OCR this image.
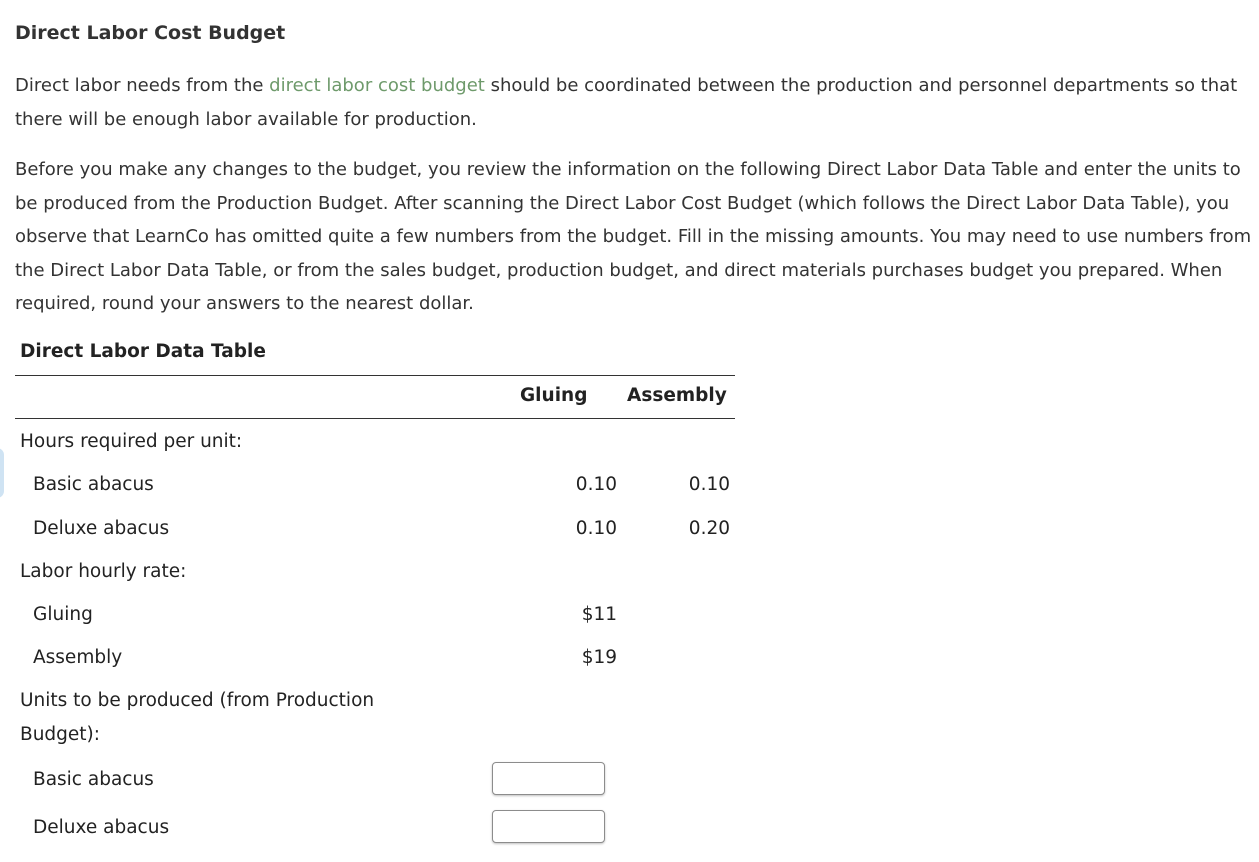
Direct Labor Cost Budget

Direct labor needs from the direct labor cost budget should be coordinated between the production and personnel departments so that there will be enough labor available for production.

Before you make any changes to the budget, you review the information on the following Direct Labor Data Table and enter the units to be produced from the Production Budget. After scanning the Direct Labor Cost Budget (which follows the Direct Labor Data Table), you observe that LearnCo has omitted quite a few numbers from the budget. Fill in the missing amounts. You may need to use numbers from the Direct Labor Data Table, or from the sales budget, production budget, and direct materials purchases budget you prepared. When required, round your answers to the nearest dollar.

Direct Labor Data Table
Gluing Assembly
Hours required per unit:
Basic abacus	0.10	0.10
Deluxe abacus	0.10	0.20
Labor hourly rate:
Gluing	$11
Assembly	$19
Units to be produced (from Production
Budget):
Basic abacus
Deluxe abacus
